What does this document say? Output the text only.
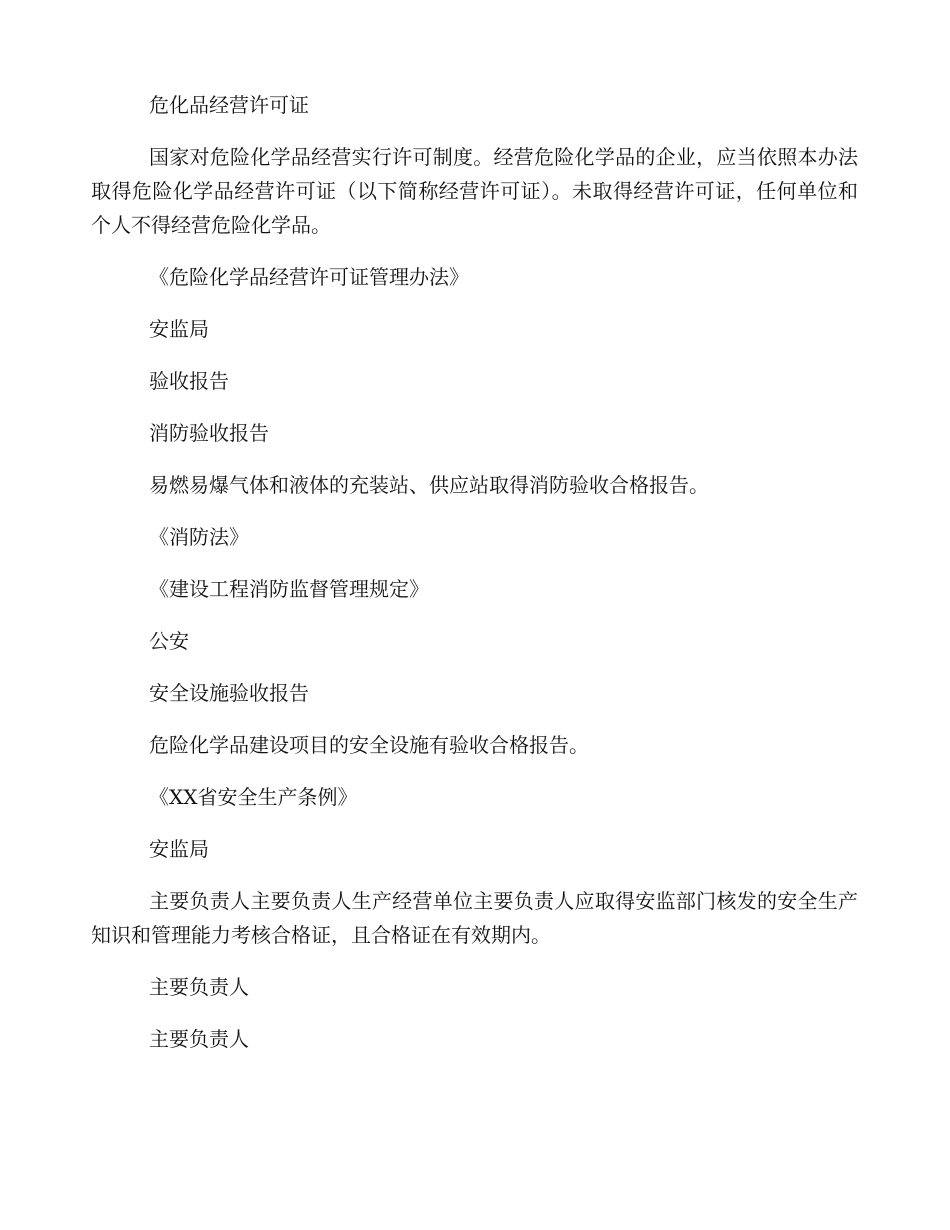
危化品经营许可证

国家对危险化学品经营实行许可制度。经营危险化学品的企业，应当依照本办法取得危险化学品经营许可证（以下简称经营许可证）。未取得经营许可证，任何单位和个人不得经营危险化学品。

《危险化学品经营许可证管理办法》

安监局

验收报告

消防验收报告

易燃易爆气体和液体的充装站、供应站取得消防验收合格报告。

《消防法》

《建设工程消防监督管理规定》

公安

安全设施验收报告

危险化学品建设项目的安全设施有验收合格报告。

《XX省安全生产条例》

安监局

主要负责人主要负责人生产经营单位主要负责人应取得安监部门核发的安全生产知识和管理能力考核合格证，且合格证在有效期内。

主要负责人

主要负责人
